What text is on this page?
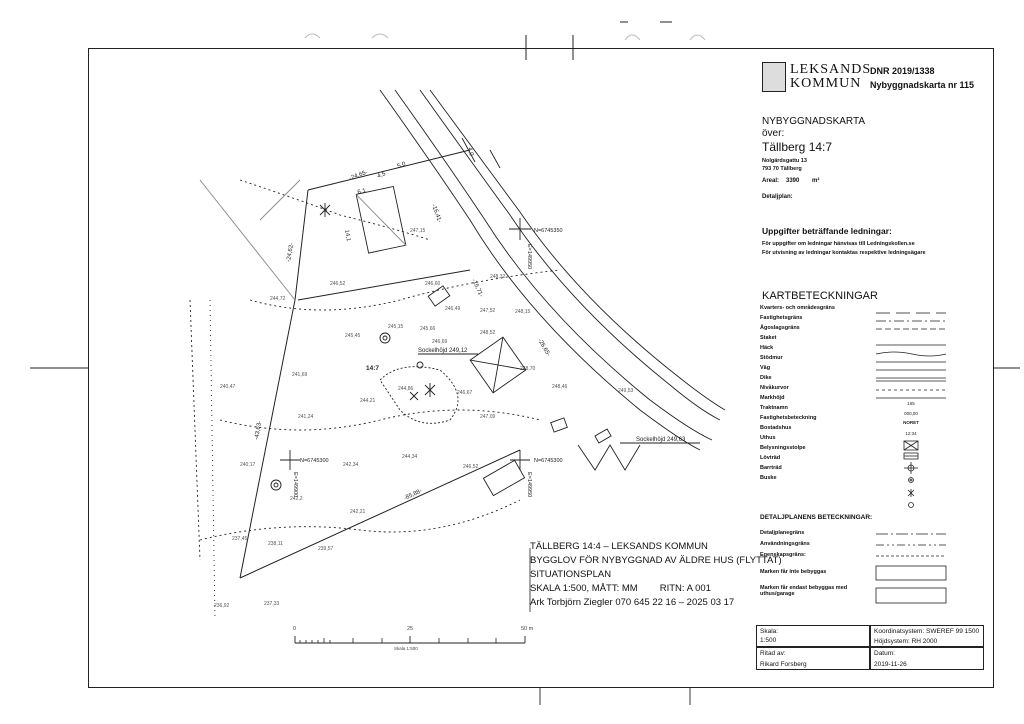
LEKSANDS
KOMMUN
DNR 2019/1338
Nybyggnadskarta nr 115
NYBYGGNADSKARTA
över:
Tällberg 14:7
Nolgärdsgattu 13
793 70 Tällberg
Areal: 3390 m²
Detaljplan:
Uppgifter beträffande ledningar:
För uppgifter om ledningar hänvisas till Ledningskollen.se
För utvisning av ledningar kontaktas respektive ledningsägare
KARTBETECKNINGAR
Kvarters- och områdesgräns
Fastighetsgräns
Ägoslagsgräns
Staket
Häck
Stödmur
Väg
Dike
Nivåkurvor
Markhöjd
Traktnamn
Fastighetsbeteckning
Bostadshus
Uthus
Belysningsstolpe
Lövträd
Barrträd
Buske
DETALJPLANENS BETECKNINGAR:
Detaljplanegräns
Användningsgräns
Egenskapsgräns:
Marken får inte bebyggas
Marken får endast bebyggas med uthus/garage
165
000,00
NORET
12:34
N=6745350
N=6745300	N=6745300
E=149950
E=149900	E=149950
Sockelhöjd 249,12
Sockelhöjd 249,63
14:7
-24,65-
-24,62-
-15,71-
-26,65-
-16,41-
-43,63-
-85,88-
4,0
4,5
5,0
14,1
6,1
246,52
246,49
246,69
245,15	245,66
245,45
244,72
247,52
248,52
248,70
248,46
249,53
244,86
246,67
244,21
241,69
240,47
241,24	247,09
244,34
246,52
242,34
240,17
242,2
242,21
237,45
238,11
239,57
236,92	237,33
246,60
247,15
248,32
248,15
TÄLLBERG 14:4 – LEKSANDS KOMMUN
BYGGLOV FÖR NYBYGGNAD AV ÄLDRE HUS (FLYTTAT)
SITUATIONSPLAN
SKALA 1:500, MÅTT: MM RITN: A 001
Ark Torbjörn Ziegler 070 645 22 16 – 2025 03 17
0	25	50 m
Skala 1:500
Skala:
1:500
Ritad av:
Rikard Forsberg
Koordinatsystem: SWEREF 99 1500
Höjdsystem: RH 2000
Datum:
2019-11-26
